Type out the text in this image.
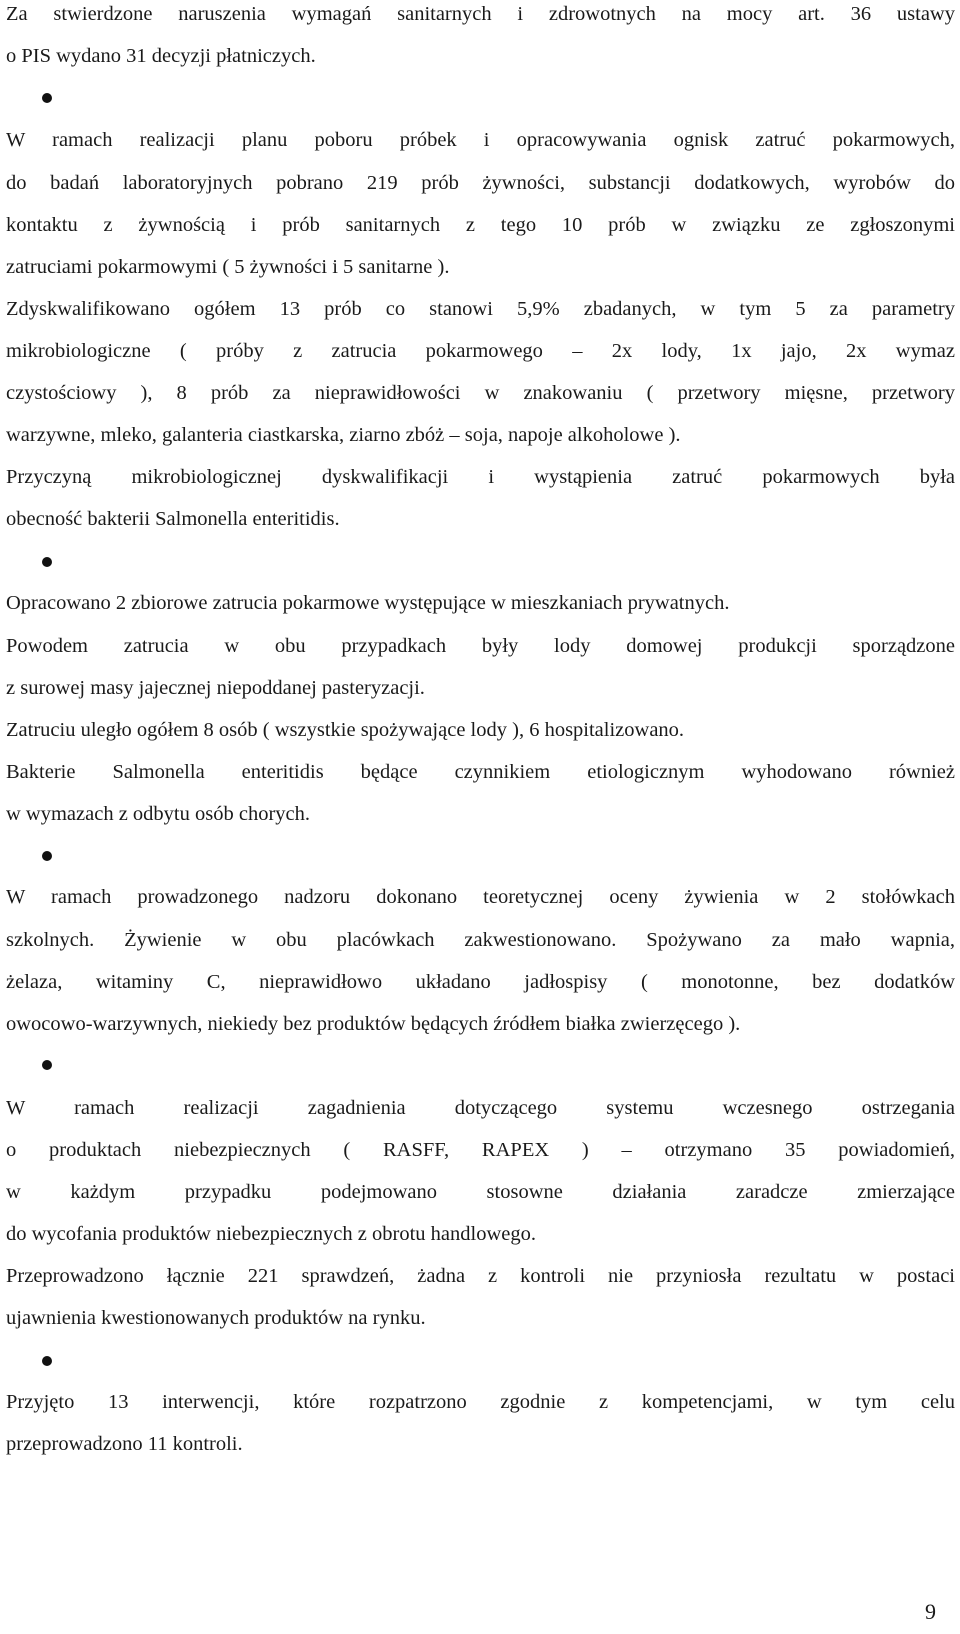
Za stwierdzone naruszenia wymagań sanitarnych i zdrowotnych na mocy art. 36 ustawy
o PIS wydano 31 decyzji płatniczych.
W ramach realizacji planu poboru próbek i opracowywania ognisk zatruć pokarmowych,
do badań laboratoryjnych pobrano 219 prób żywności, substancji dodatkowych, wyrobów do
kontaktu z żywnością i prób sanitarnych z tego 10 prób w związku ze zgłoszonymi
zatruciami pokarmowymi ( 5 żywności i 5 sanitarne ).
Zdyskwalifikowano ogółem 13 prób co stanowi 5,9% zbadanych, w tym 5 za parametry
mikrobiologiczne ( próby z zatrucia pokarmowego – 2x lody, 1x jajo, 2x wymaz
czystościowy ), 8 prób za nieprawidłowości w znakowaniu ( przetwory mięsne, przetwory
warzywne, mleko, galanteria ciastkarska, ziarno zbóż – soja, napoje alkoholowe ).
Przyczyną mikrobiologicznej dyskwalifikacji i wystąpienia zatruć pokarmowych była
obecność bakterii Salmonella enteritidis.
Opracowano 2 zbiorowe zatrucia pokarmowe występujące w mieszkaniach prywatnych.
Powodem zatrucia w obu przypadkach były lody domowej produkcji sporządzone
z surowej masy jajecznej niepoddanej pasteryzacji.
Zatruciu uległo ogółem 8 osób ( wszystkie spożywające lody ), 6 hospitalizowano.
Bakterie Salmonella enteritidis będące czynnikiem etiologicznym wyhodowano również
w wymazach z odbytu osób chorych.
W ramach prowadzonego nadzoru dokonano teoretycznej oceny żywienia w 2 stołówkach
szkolnych. Żywienie w obu placówkach zakwestionowano. Spożywano za mało wapnia,
żelaza, witaminy C, nieprawidłowo układano jadłospisy ( monotonne, bez dodatków
owocowo-warzywnych, niekiedy bez produktów będących źródłem białka zwierzęcego ).
W ramach realizacji zagadnienia dotyczącego systemu wczesnego ostrzegania
o produktach niebezpiecznych ( RASFF, RAPEX ) – otrzymano 35 powiadomień,
w każdym przypadku podejmowano stosowne działania zaradcze zmierzające
do wycofania produktów niebezpiecznych z obrotu handlowego.
Przeprowadzono łącznie 221 sprawdzeń, żadna z kontroli nie przyniosła rezultatu w postaci
ujawnienia kwestionowanych produktów na rynku.
Przyjęto 13 interwencji, które rozpatrzono zgodnie z kompetencjami, w tym celu
przeprowadzono 11 kontroli.
9
